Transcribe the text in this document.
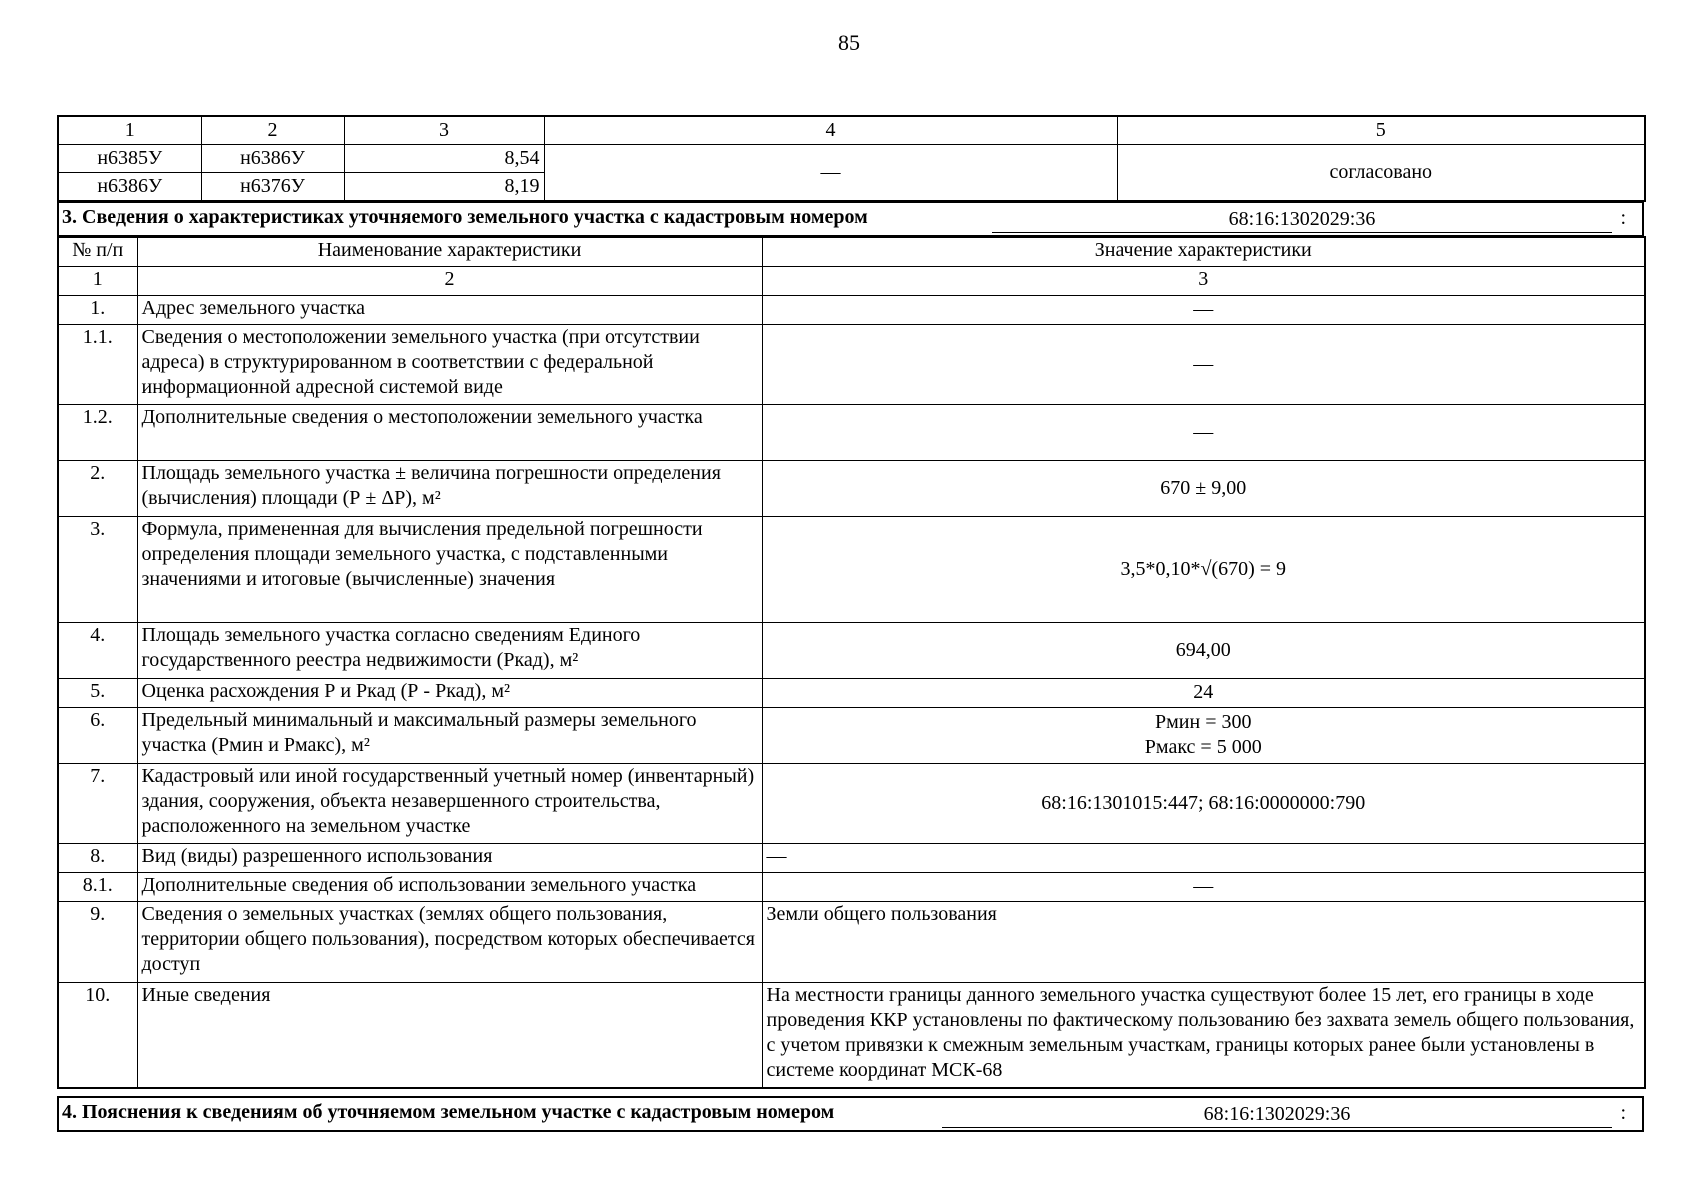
85
1	2	3	4	5
н6385У	н6386У	8,54	—	согласовано
н6386У	н6376У	8,19		
3. Сведения о характеристиках уточняемого земельного участка с кадастровым номером	68:16:1302029:36	:
№ п/п	Наименование характеристики	Значение характеристики
1	2	3
1.	Адрес земельного участка	—
1.1.	Сведения о местоположении земельного участка (при отсутствии адреса) в структурированном в соответствии с федеральной информационной адресной системой виде	—
1.2.	Дополнительные сведения о местоположении земельного участка	—
2.	Площадь земельного участка ± величина погрешности определения (вычисления) площади (Р ± ΔР), м²	670 ± 9,00
3.	Формула, примененная для вычисления предельной погрешности определения площади земельного участка, с подставленными значениями и итоговые (вычисленные) значения	3,5*0,10*√(670) = 9
4.	Площадь земельного участка согласно сведениям Единого государственного реестра недвижимости (Ркад), м²	694,00
5.	Оценка расхождения Р и Ркад (Р - Ркад), м²	24
6.	Предельный минимальный и максимальный размеры земельного участка (Рмин и Рмакс), м²	Рмин = 300
Рмакс = 5 000

7.	Кадастровый или иной государственный учетный номер (инвентарный) здания, сооружения, объекта незавершенного строительства, расположенного на земельном участке	68:16:1301015:447; 68:16:0000000:790
8.	Вид (виды) разрешенного использования	—
8.1.	Дополнительные сведения об использовании земельного участка	—
9.	Сведения о земельных участках (землях общего пользования, территории общего пользования), посредством которых обеспечивается доступ	Земли общего пользования
10.	Иные сведения	На местности границы данного земельного участка существуют более 15 лет, его границы в ходе проведения ККР установлены по фактическому пользованию без захвата земель общего пользования, с учетом привязки к смежным земельным участкам, границы которых ранее были установлены в системе координат МСК-68
4. Пояснения к сведениям об уточняемом земельном участке с кадастровым номером	68:16:1302029:36	:
